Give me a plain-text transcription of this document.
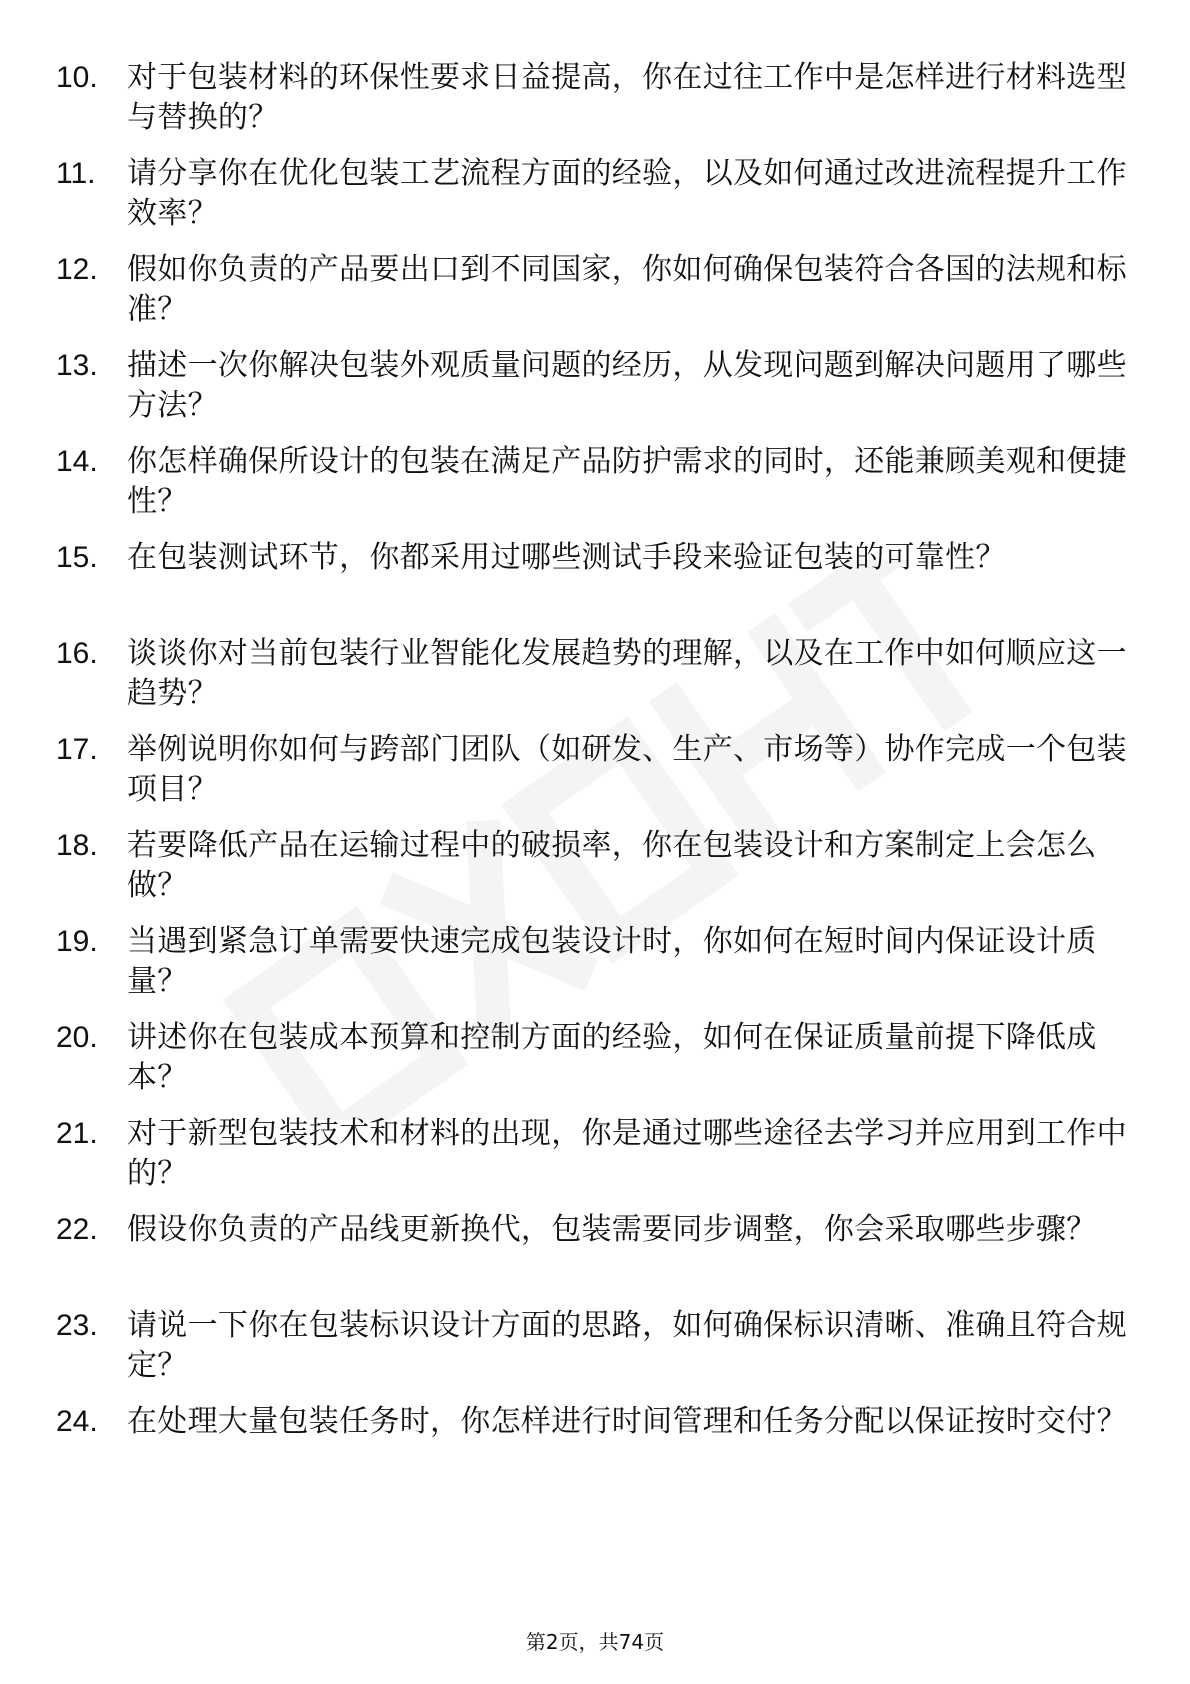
10. 对于包装材料的环保性要求日益提高，你在过往工作中是怎样进行材料选型与替换的？
11.	请分享你在优化包装工艺流程方面的经验，以及如何通过改进流程提升工作效率？
12. 假如你负责的产品要出口到不同国家，你如何确保包装符合各国的法规和标准？
13. 描述一次你解决包装外观质量问题的经历，从发现问题到解决问题用了哪些方法？
14. 你怎样确保所设计的包装在满足产品防护需求的同时，还能兼顾美观和便捷性？
15. 在包装测试环节，你都采用过哪些测试手段来验证包装的可靠性？
16. 谈谈你对当前包装行业智能化发展趋势的理解，以及在工作中如何顺应这一趋势？
17. 举例说明你如何与跨部门团队（如研发、生产、市场等）协作完成一个包装项目？
18. 若要降低产品在运输过程中的破损率，你在包装设计和方案制定上会怎么做？
19. 当遇到紧急订单需要快速完成包装设计时，你如何在短时间内保证设计质量？
20. 讲述你在包装成本预算和控制方面的经验，如何在保证质量前提下降低成本？
21. 对于新型包装技术和材料的出现，你是通过哪些途径去学习并应用到工作中的？
22. 假设你负责的产品线更新换代，包装需要同步调整，你会采取哪些步骤？
23. 请说一下你在包装标识设计方面的思路，如何确保标识清晰、准确且符合规定？
24. 在处理大量包装任务时，你怎样进行时间管理和任务分配以保证按时交付？
第2页，共74页
